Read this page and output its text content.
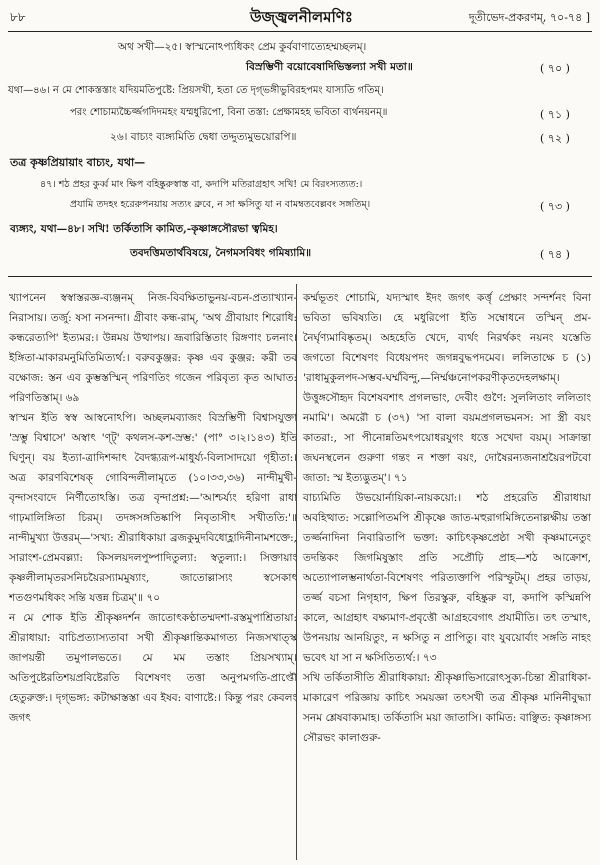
৮৮	উজ্জ্বলনীলমণিঃ	দূতীভেদ-প্রকরণম্‌, ৭০-৭৪ ]
অথ সখী—২৫। স্বাস্মনোঽপ্যধিকং প্রেম কুর্ববাণাত্যেহম্মচ্ছলম্‌।
বিস্রম্ভিণী বয়োবেষাদিভিস্তল্যা সখী মতা॥	( ৭০ )
যথা—৪৬। ন মে শোকস্তস্তাং যদিয়মতিপুষ্টে: প্রিয়সখী, হতা তে দৃগ্‌ভঙ্গীভুবিরহপমং যাস্যতি গতিম্‌।
পরং শোচাম্যচ্চৈর্জ্জগদিদমহং যম্মধুরিপো, বিনা তস্তা: প্রেক্ষামহহ ভবিতা ব্যর্থনয়নম্‌॥	( ৭১ )
২৬। বাচ্যং ব্যঙ্গ্যমিতি দ্বেধা তদ্দুত্যমুভয়োরপি॥	( ৭২ )
তত্র কৃষ্ণপ্রিয়ায়াং বাচ্যং, যথা—
৪৭। শঠ প্রহর কুর্ব্ব মাং ক্ষিপ বহিষ্কুরুস্বাস্ত বা, কদাপি মতিরাগ্রহাৎ সখি! মে বিরংস্যত্যত:।
প্রযামি তদহং হরেরুপনয়ায় সত্যং ব্রুবে, ন সা ক্ষসিতু যা ন বামম্বতবেল্লবং সঙ্গতিম্‌।	( ৭৩ )
ব্যঙ্গ্যং, যথা—৪৮। সখি! তর্কিতাসি কামিত,-কৃষ্ণাঙ্গসৌরভা ত্বমিহ।
তবদত্তিমতার্থবিষয়ে, নৈগমসবিধং গমিষ্যামি॥	( ৭৪ )

খ্যাপনেন স্বস্বাস্তরজ্ঞ-ব্যঞ্জনম্‌ নিজ-বিবক্ষিতাভুনয়-বচন-প্রত্যাখ্যান-নিরাসায়। তর্জু: ষসা নসনন্দা। গ্রীবাং কন্ধ-রাম্‌, 'অথ গ্রীবায়াং শিরোধি: কন্ধরেত্যপি' ইত্যমর:। উন্নময় উত্থাপয়। ভ্রূবারিস্তিতাং রিঙ্গণাং চলনাং। ইঙ্গিতা-মাকারমনুমিতিমিত্যর্থ:। বরুবকুঞ্জর: কৃষ্ণ এব কুঞ্জর: করী তব বক্ষোজ: স্তন এব কুম্ভস্তস্মিন্‌ পরিণতিং গজেন পরিবৃত্য কৃত আঘাত: পরিণতিস্তাম্‌। ৬৯

স্বাস্মন ইতি স্বস্ব আস্বনোঽপি। অচ্ছলমব্যাজং বিস্রম্ভিণী বিশ্বাসযুক্তা 'স্রম্ভু বিশ্বাসে' অস্বাৎ 'ণ্ট্' কথলস-কশ-স্রম্ভ:' (পা° ৩।২।১৪৩) ইতি ঘিণুন্‌। বয় ইত্যা-ত্রাদিশব্দাৎ বৈদগ্ধ্যরূপ-মাধুর্য্য-বিলাসাদয়ো গৃহীতা:। অত্র কারণবিশেষক্ গোবিন্দলীলামৃতে (১০।৩৩,৩৬) নান্দীমুখী-বৃন্দাসংবাদে নির্ণীতোঽস্তি। তত্র বৃন্দাপ্রশ্ন:—'আশ্চর্য্যং হরিণা রাধা গাঢ়মালিঙ্গিতা চিরম্‌। তদঙ্গসঙ্গতিষ্কাপি নিবৃতাসীৎ সখীততি:'॥ নান্দীমুখ্যা উত্তরম্—'সখ্য: শ্রীরাধিকায়া ব্রজকুমুদবিধোহ্লাদিনীনামশক্তে:, সারাংশ-প্রেমবল্ল্যা: কিসলয়দলপুষ্পাদিতুল্যা: স্বতুল্যা:। সিক্তায়াং কৃষ্ণলীলামৃতরসনিচয়ৈরস্যামমুষ্যাং, জাতোল্লাস্যং স্বসেকাৎ শতগুণমধিকং সন্তি যত্তন্ন চিত্রম্‌'॥ ৭০

ন মে শোক ইতি শ্রীকৃষ্ণদর্শন জাতোৎকণ্ঠাতম্মদশা-রস্তমুপাশ্রিতায়া: শ্রীরাধায়া: বাচিপ্রত্যাস্যতাবা সখী শ্রীকৃষ্ণান্তিকমাগত্য নিজসখাত্স্ক জাপয়ন্তী তমুপালভতে। মে মম তস্তাং প্রিয়সখ্যাম্‌। অতিপুষ্টেরতিশয়প্রবিষ্টেরতি বিশেষণং তত্তা অনুপমগতি-প্রাপ্তৌ হেতুরুক্ত:। দৃগ্‌ভঙ্গ্য: কটাক্ষাস্তস্তা এব ইষব: বাণাষ্টে:। কিন্তু পরং কেবলং জগৎ

কর্ম্মভূতং শোচামি, যদ্যস্মাৎ ইদং জগৎ কর্ত্তৃ প্রেক্ষাং সন্দর্শনং বিনা ভবিতা ভবিষ্যতি। হে মধুরিপো ইতি সম্বোধনে তস্মিন্‌ প্রম-নৈর্ঘৃণ্যমাবিষ্কৃতম্‌। অহহেতি খেদে, ব্যর্থং নিরর্থকং নয়নং যস্তেতি জগতো বিশেষণং বিধেয়পদং জগন্নবুদ্ধপদমেব। ললিতাক্ষে চ (১) 'রাধামুকুলপদ-সম্ভব-ঘর্ম্মবিন্দু,—নির্ম্মঞ্চনোপকরণীকৃতদেহলক্ষাম্‌। উত্তুঙ্গসৌহৃদ বিশেষবশাৎ প্রগলভাং, দেবীং গুণৈ: সুললিতাং ললিতাং নমামি'। অমরৌ চ (৩৭) 'সা বালা বয়মপ্রগলভমনস: সা স্ত্রী বয়ং কাতরা:, সা পীনোন্নতিমৎপয়োধরযুগং ধত্তে সখেদা বয়ম্‌। সাক্রান্তা জঘনস্থলেন গুরুণা গন্তং ন শক্তা বয়ং, দোষৈরন্যজনাশ্রয়ৈরপটবো জাতা: স্ম ইত্যদ্ভুতম্‌'। ৭১

বাচ্যমিতি উভয়োর্নায়িকা-নায়কয়ো:। শঠ প্রহরেতি শ্রীরাধায়া অবহিত্থাত: সল্লোপিতমপি শ্রীকৃষ্ণে জাত-মহুরাগমিঙ্গিতেনাল্লক্ষীয় তস্তা তর্জ্জনাদিনা নিবারিতাপি ভক্তা: কাচিৎকৃষ্ণপ্রেষ্ঠা সখী কৃষ্ণমানেতুং তদন্তিকং জিগমিষুস্তাং প্রতি সপ্রৌঢ়ি প্রাহ—শঠ আক্রোশ, অত্যোপালম্ভনার্থতা-বিশেষণং পরিত্যক্তাপি পরিস্ফুটম্‌। প্রহর তাড়য়, তর্জ্জ বচসা নিগৃহাণ, ক্ষিপ তিরস্কুরু, বহিষ্কুরু বা, কদাপি কস্মিন্নপি কালে, আগ্রহাৎ বক্ষ্যমাণ-প্রবৃত্তৌ আগ্রহবেগাৎ প্রযামীতি। তৎ তস্মাৎ, উপনয়ায় আনয়িতুং, ন ক্ষসিতু ন প্রাপিতু। বাং যুবয়োর্বাং সঙ্গতি নাহং ভবেৎ যা সা ন ক্ষসিতিত্যর্থ:। ৭৩

সখি তর্কিতাসীতি শ্রীরাধিকায়া: শ্রীকৃষ্ণাভিসারোৎসুক্য-চিন্তা শ্রীরাধিকা-মাকারেণ পরিজ্ঞায় কাচিৎ সময়জ্ঞা তৎসখী তত্র শ্রীকৃষ্ণ মানিনীবুদ্ধ্যা সনম শ্লেষবাক্যমাহ। তর্কিতাসি ময়া জাতাসি। কামিত: বাঞ্ছিত: কৃষ্ণাঙ্গস্য সৌরভং কালাগুরু-
